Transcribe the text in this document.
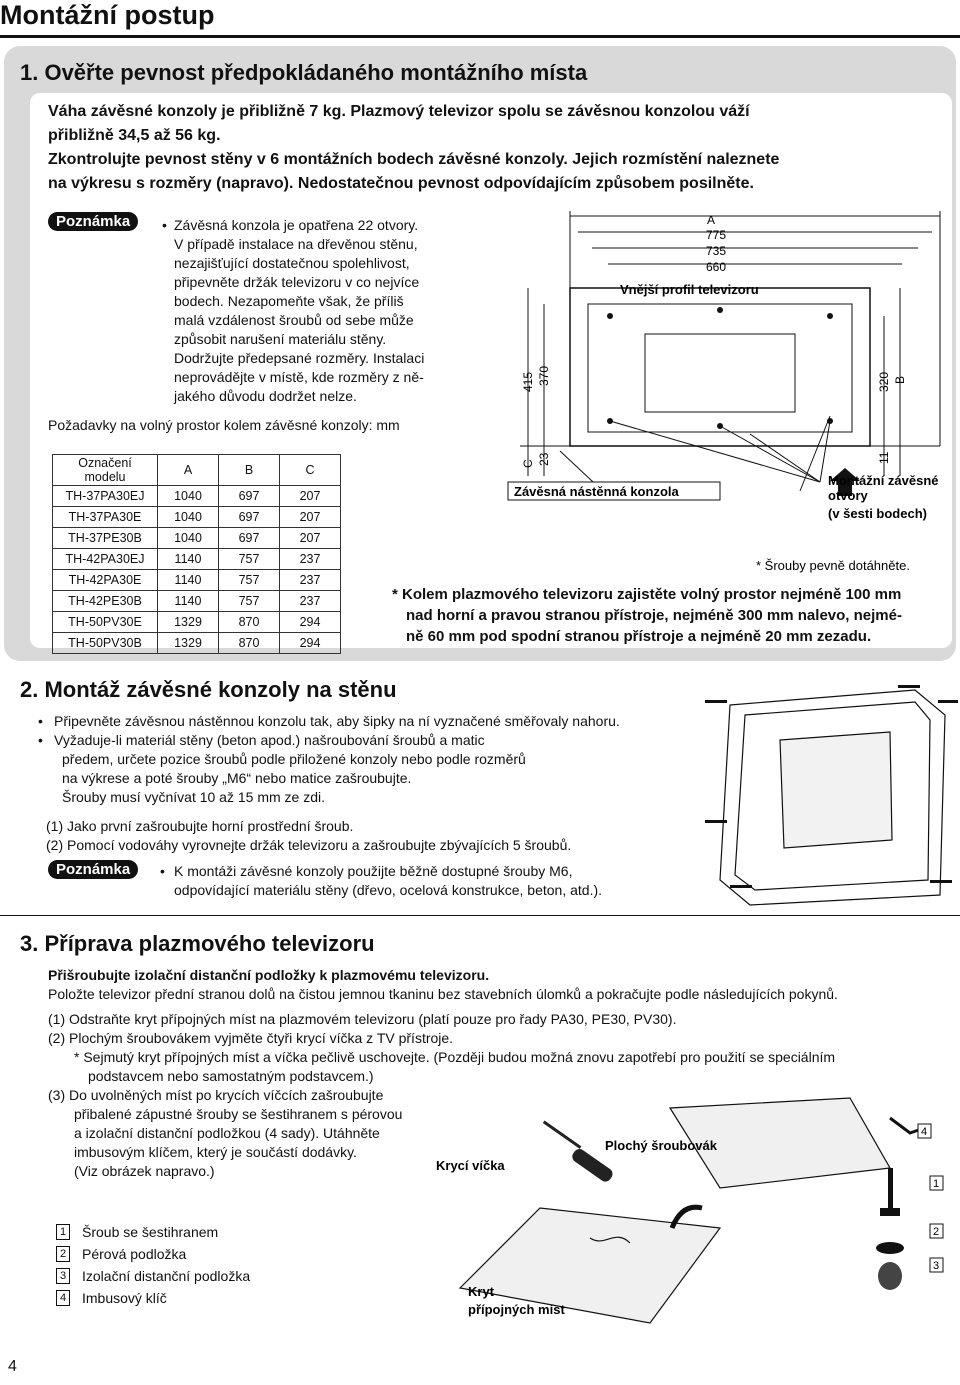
Montážní postup
1. Ověřte pevnost předpokládaného montážního místa
Váha závěsné konzoly je přibližně 7 kg. Plazmový televizor spolu se závěsnou konzolou váží
přibližně 34,5 až 56 kg.
Zkontrolujte pevnost stěny v 6 montážních bodech závěsné konzoly. Jejich rozmístění naleznete
na výkresu s rozměry (napravo). Nedostatečnou pevnost odpovídajícím způsobem posilněte.
Poznámka	• Závěsná konzola je opatřena 22 otvory.
V případě instalace na dřevěnou stěnu,
nezajišťující dostatečnou spolehlivost,
připevněte držák televizoru v co nejvíce
bodech. Nezapomeňte však, že příliš
malá vzdálenost šroubů od sebe může
způsobit narušení materiálu stěny.
Dodržujte předepsané rozměry. Instalaci
neprovádějte v místě, kde rozměry z ně-
jakého důvodu dodržet nelze.
Požadavky na volný prostor kolem závěsné konzoly: mm
Označení modelu	A	B	C
TH-37PA30EJ	1040	697	207
TH-37PA30E	1040	697	207
TH-37PE30B	1040	697	207
TH-42PA30EJ	1140	757	237
TH-42PA30E	1140	757	237
TH-42PE30B	1140	757	237
TH-50PV30E	1329	870	294
TH-50PV30B	1329	870	294
A
775
735
660
Vnější profil televizoru
415 370	320 B
C 23	11
Závěsná nástěnná konzola
Montážní závěsné
otvory
(v šesti bodech)
* Šrouby pevně dotáhněte.
* Kolem plazmového televizoru zajistěte volný prostor nejméně 100 mm
nad horní a pravou stranou přístroje, nejméně 300 mm nalevo, nejmé-
ně 60 mm pod spodní stranou přístroje a nejméně 20 mm zezadu.
2. Montáž závěsné konzoly na stěnu
• Připevněte závěsnou nástěnnou konzolu tak, aby šipky na ní vyznačené směřovaly nahoru.
• Vyžaduje-li materiál stěny (beton apod.) našroubování šroubů a matic
předem, určete pozice šroubů podle přiložené konzoly nebo podle rozměrů
na výkrese a poté šrouby „M6“ nebo matice zašroubujte.
Šrouby musí vyčnívat 10 až 15 mm ze zdi.
(1) Jako první zašroubujte horní prostřední šroub.
(2) Pomocí vodováhy vyrovnejte držák televizoru a zašroubujte zbývajících 5 šroubů.
Poznámka	• K montáži závěsné konzoly použijte běžně dostupné šrouby M6,
odpovídající materiálu stěny (dřevo, ocelová konstrukce, beton, atd.).
3. Příprava plazmového televizoru
Přišroubujte izolační distanční podložky k plazmovému televizoru.
Položte televizor přední stranou dolů na čistou jemnou tkaninu bez stavebních úlomků a pokračujte podle následujících pokynů.
(1) Odstraňte kryt přípojných míst na plazmovém televizoru (platí pouze pro řady PA30, PE30, PV30).
(2) Plochým šroubovákem vyjměte čtyři krycí víčka z TV přístroje.
* Sejmutý kryt přípojných míst a víčka pečlivě uschovejte. (Později budou možná znovu zapotřebí pro použití se speciálním
podstavcem nebo samostatným podstavcem.)
(3) Do uvolněných míst po krycích víčcích zašroubujte
přibalené zápustné šrouby se šestihranem s pérovou
a izolační distanční podložkou (4 sady). Utáhněte
imbusovým klíčem, který je součástí dodávky.
(Viz obrázek napravo.)
1 Šroub se šestihranem
2 Pérová podložka
3 Izolační distanční podložka
4 Imbusový klíč
Plochý šroubovák
Krycí víčka
Kryt
přípojných míst
4
1
2
3
4
